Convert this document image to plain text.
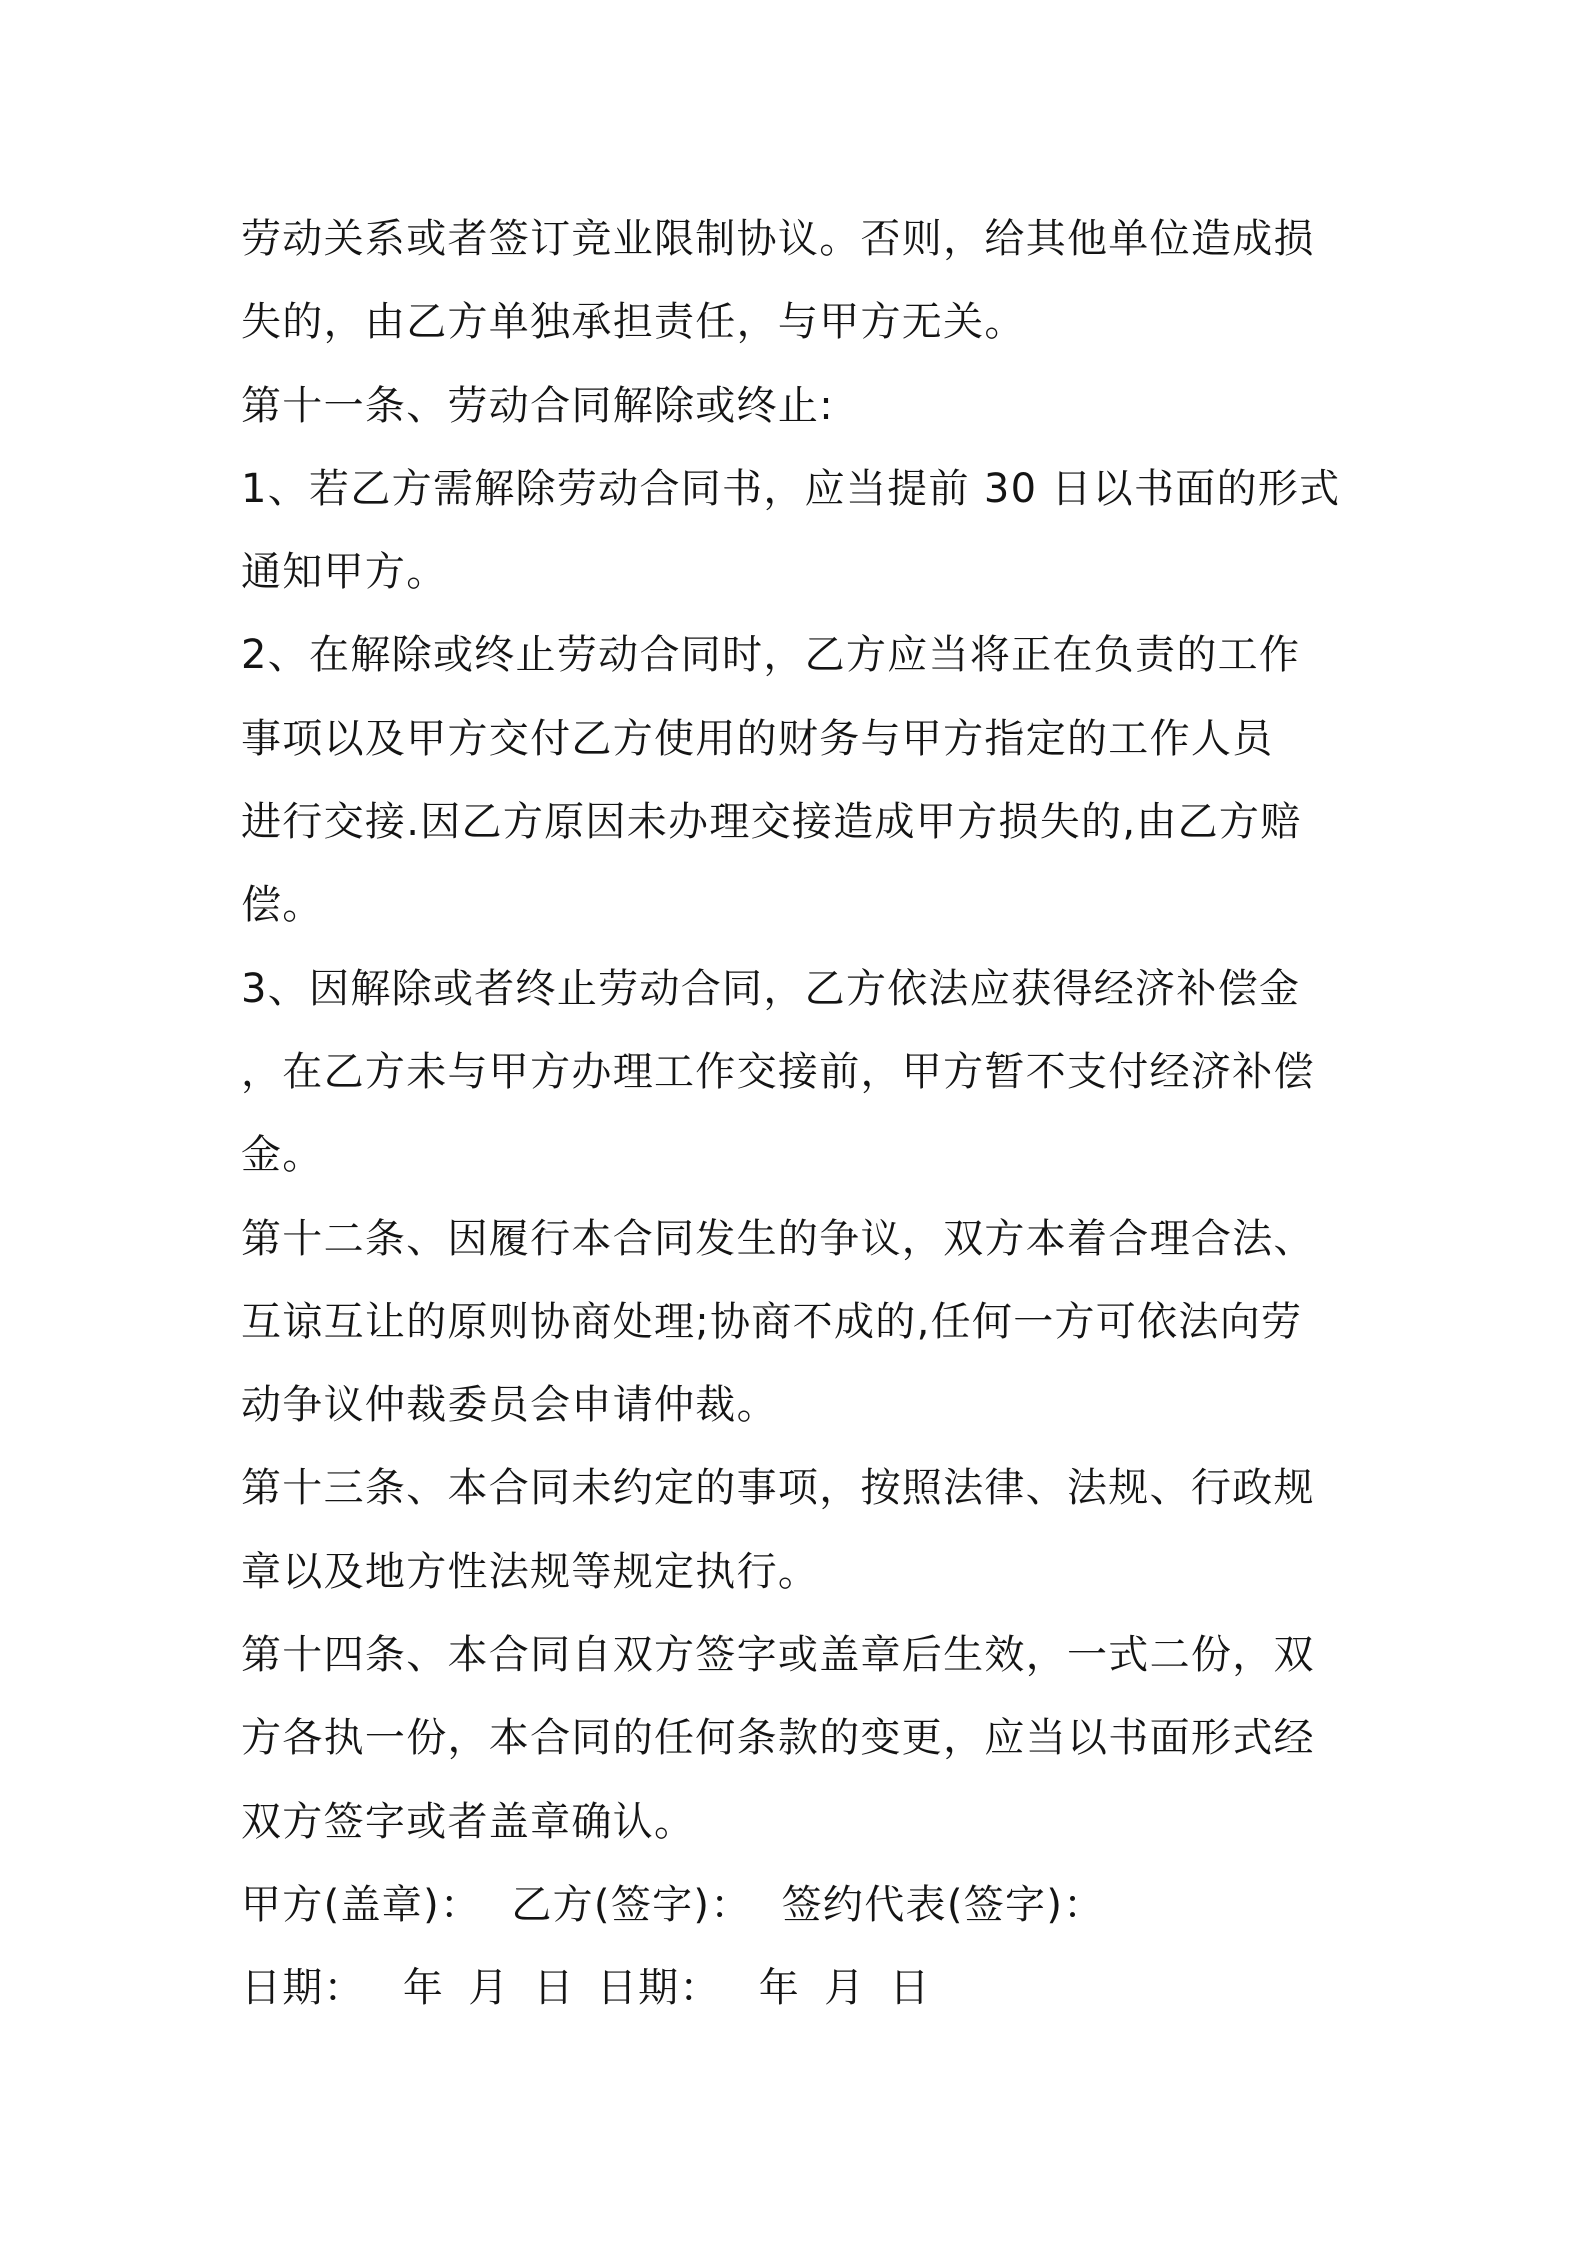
劳动关系或者签订竞业限制协议。否则，给其他单位造成损
失的，由乙方单独承担责任，与甲方无关。
第十一条、劳动合同解除或终止:
1、若乙方需解除劳动合同书，应当提前 30 日以书面的形式
通知甲方。
2、在解除或终止劳动合同时，乙方应当将正在负责的工作
事项以及甲方交付乙方使用的财务与甲方指定的工作人员
进行交接.因乙方原因未办理交接造成甲方损失的,由乙方赔
偿。
3、因解除或者终止劳动合同，乙方依法应获得经济补偿金
，在乙方未与甲方办理工作交接前，甲方暂不支付经济补偿
金。
第十二条、因履行本合同发生的争议，双方本着合理合法、
互谅互让的原则协商处理;协商不成的,任何一方可依法向劳
动争议仲裁委员会申请仲裁。
第十三条、本合同未约定的事项，按照法律、法规、行政规
章以及地方性法规等规定执行。
第十四条、本合同自双方签字或盖章后生效，一式二份，双
方各执一份，本合同的任何条款的变更，应当以书面形式经
双方签字或者盖章确认。
甲方(盖章)： 乙方(签字)： 签约代表(签字)：
日期： 年 月 日 日期： 年 月 日
